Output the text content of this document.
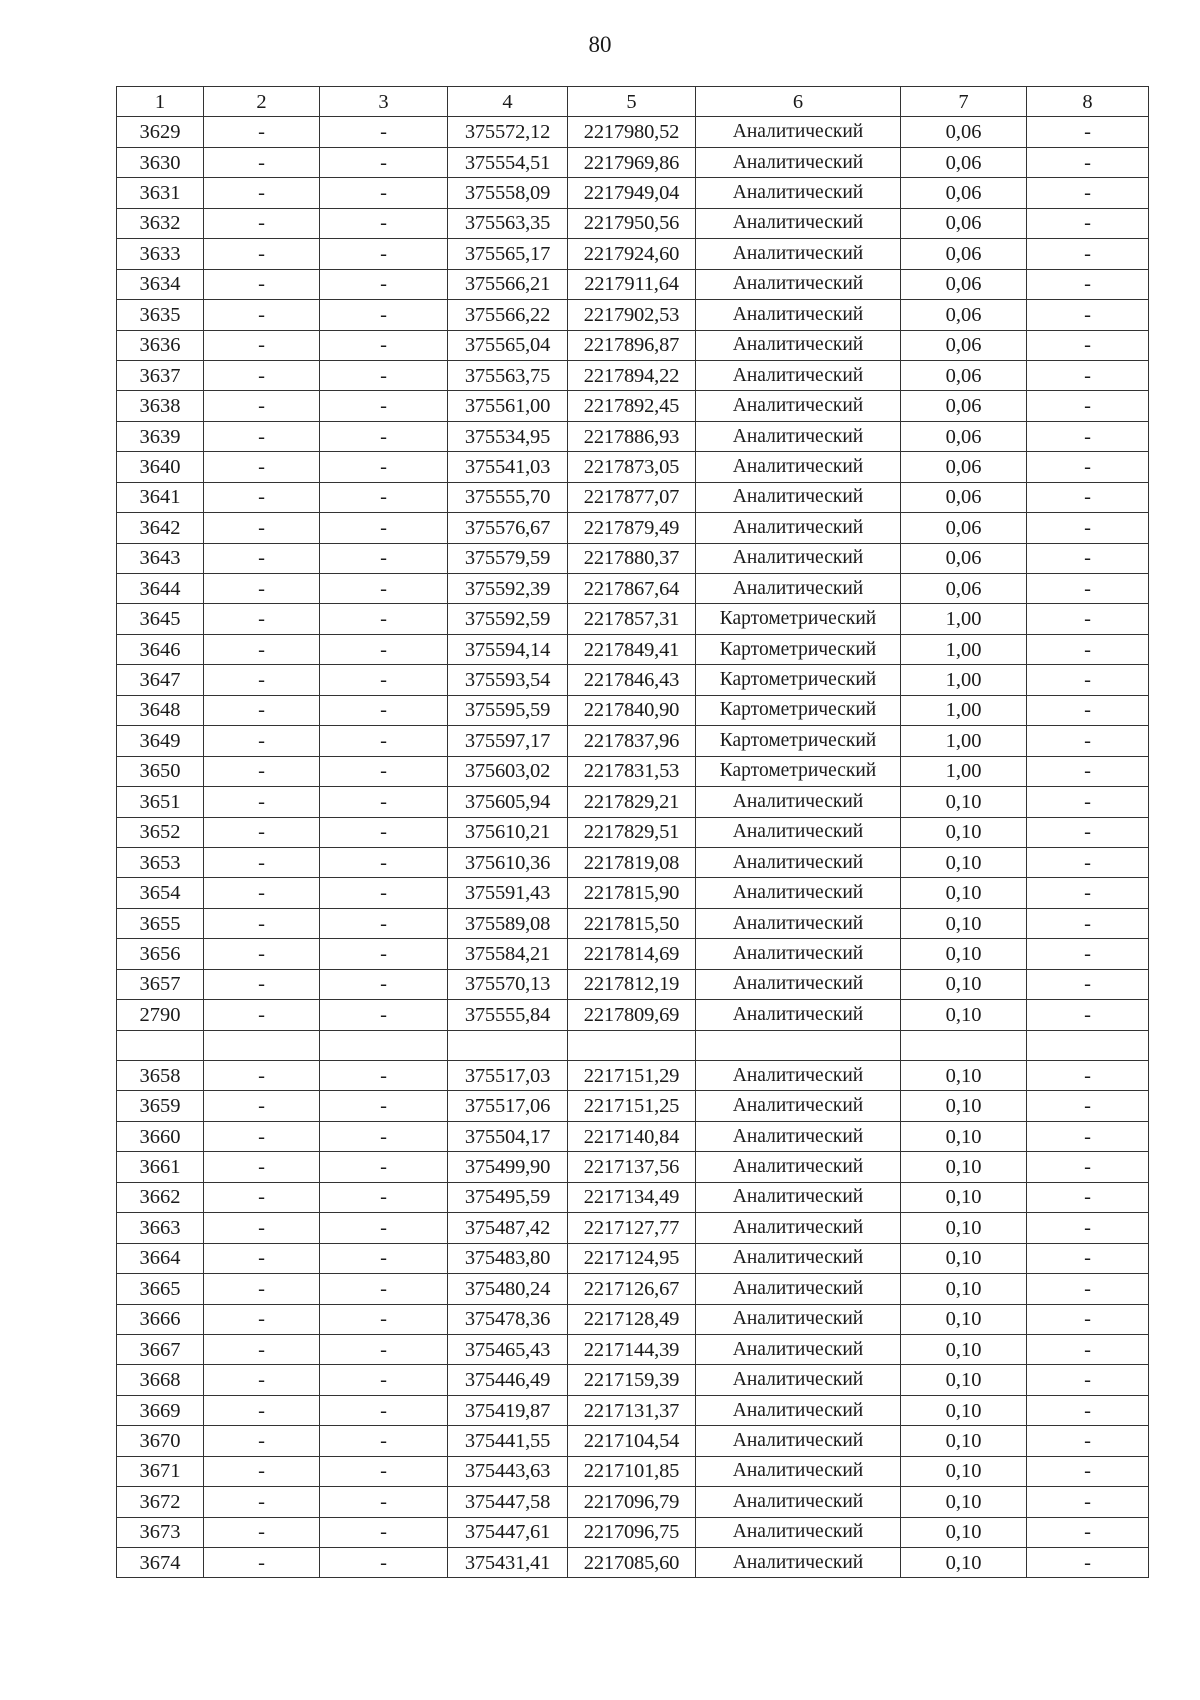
80
1	2	3	4	5	6	7	8
3629	-	-	375572,12	2217980,52	Аналитический	0,06	-
3630	-	-	375554,51	2217969,86	Аналитический	0,06	-
3631	-	-	375558,09	2217949,04	Аналитический	0,06	-
3632	-	-	375563,35	2217950,56	Аналитический	0,06	-
3633	-	-	375565,17	2217924,60	Аналитический	0,06	-
3634	-	-	375566,21	2217911,64	Аналитический	0,06	-
3635	-	-	375566,22	2217902,53	Аналитический	0,06	-
3636	-	-	375565,04	2217896,87	Аналитический	0,06	-
3637	-	-	375563,75	2217894,22	Аналитический	0,06	-
3638	-	-	375561,00	2217892,45	Аналитический	0,06	-
3639	-	-	375534,95	2217886,93	Аналитический	0,06	-
3640	-	-	375541,03	2217873,05	Аналитический	0,06	-
3641	-	-	375555,70	2217877,07	Аналитический	0,06	-
3642	-	-	375576,67	2217879,49	Аналитический	0,06	-
3643	-	-	375579,59	2217880,37	Аналитический	0,06	-
3644	-	-	375592,39	2217867,64	Аналитический	0,06	-
3645	-	-	375592,59	2217857,31	Картометрический	1,00	-
3646	-	-	375594,14	2217849,41	Картометрический	1,00	-
3647	-	-	375593,54	2217846,43	Картометрический	1,00	-
3648	-	-	375595,59	2217840,90	Картометрический	1,00	-
3649	-	-	375597,17	2217837,96	Картометрический	1,00	-
3650	-	-	375603,02	2217831,53	Картометрический	1,00	-
3651	-	-	375605,94	2217829,21	Аналитический	0,10	-
3652	-	-	375610,21	2217829,51	Аналитический	0,10	-
3653	-	-	375610,36	2217819,08	Аналитический	0,10	-
3654	-	-	375591,43	2217815,90	Аналитический	0,10	-
3655	-	-	375589,08	2217815,50	Аналитический	0,10	-
3656	-	-	375584,21	2217814,69	Аналитический	0,10	-
3657	-	-	375570,13	2217812,19	Аналитический	0,10	-
2790	-	-	375555,84	2217809,69	Аналитический	0,10	-

3658	-	-	375517,03	2217151,29	Аналитический	0,10	-
3659	-	-	375517,06	2217151,25	Аналитический	0,10	-
3660	-	-	375504,17	2217140,84	Аналитический	0,10	-
3661	-	-	375499,90	2217137,56	Аналитический	0,10	-
3662	-	-	375495,59	2217134,49	Аналитический	0,10	-
3663	-	-	375487,42	2217127,77	Аналитический	0,10	-
3664	-	-	375483,80	2217124,95	Аналитический	0,10	-
3665	-	-	375480,24	2217126,67	Аналитический	0,10	-
3666	-	-	375478,36	2217128,49	Аналитический	0,10	-
3667	-	-	375465,43	2217144,39	Аналитический	0,10	-
3668	-	-	375446,49	2217159,39	Аналитический	0,10	-
3669	-	-	375419,87	2217131,37	Аналитический	0,10	-
3670	-	-	375441,55	2217104,54	Аналитический	0,10	-
3671	-	-	375443,63	2217101,85	Аналитический	0,10	-
3672	-	-	375447,58	2217096,79	Аналитический	0,10	-
3673	-	-	375447,61	2217096,75	Аналитический	0,10	-
3674	-	-	375431,41	2217085,60	Аналитический	0,10	-
